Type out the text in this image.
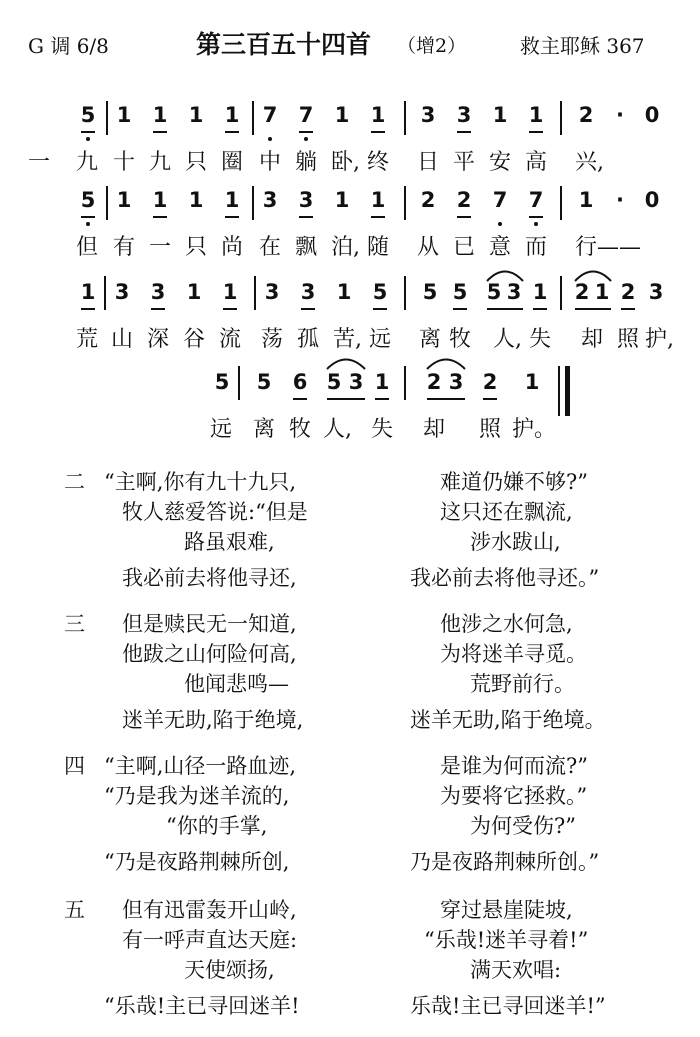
G 调 6/8	第三百五十四首 （增2）	救主耶稣 367
5 1 1 1 1 7 7 1 1 3 3 1 1 2 · 0
一 九 十 九 只 圈 中 躺 卧, 终 日 平 安 高 兴,
5 1 1 1 1 3 3 1 1 2 2 7 7 1 · 0
但 有 一 只 尚 在 飘 泊, 随 从 已 意 而 行——
1 3 3 1 1 3 3 1 5 5 5 5 3 1 2 1 2 3
荒 山 深 谷 流 荡 孤 苦, 远 离 牧 人, 失 却 照 护,
5 5 6 5 3 1 2 3 2 1
远 离 牧 人, 失 却 照 护。
二 “主啊,你有九十九只,
牧人慈爱答说:“但是
路虽艰难,
我必前去将他寻还,
难道仍嫌不够?”
这只还在飘流,
涉水跋山,
我必前去将他寻还。”
三 但是赎民无一知道,
他跋之山何险何高,
他闻悲鸣—
迷羊无助,陷于绝境,
他涉之水何急,
为将迷羊寻觅。
荒野前行。
迷羊无助,陷于绝境。
四 “主啊,山径一路血迹,
“乃是我为迷羊流的,
“你的手掌,
“乃是夜路荆棘所创,
是谁为何而流?”
为要将它拯救。”
为何受伤?”
乃是夜路荆棘所创。”
五 但有迅雷轰开山岭,
有一呼声直达天庭:
天使颂扬,
“乐哉!主已寻回迷羊!
穿过悬崖陡坡,
“乐哉!迷羊寻着!”
满天欢唱:
乐哉!主已寻回迷羊!”
